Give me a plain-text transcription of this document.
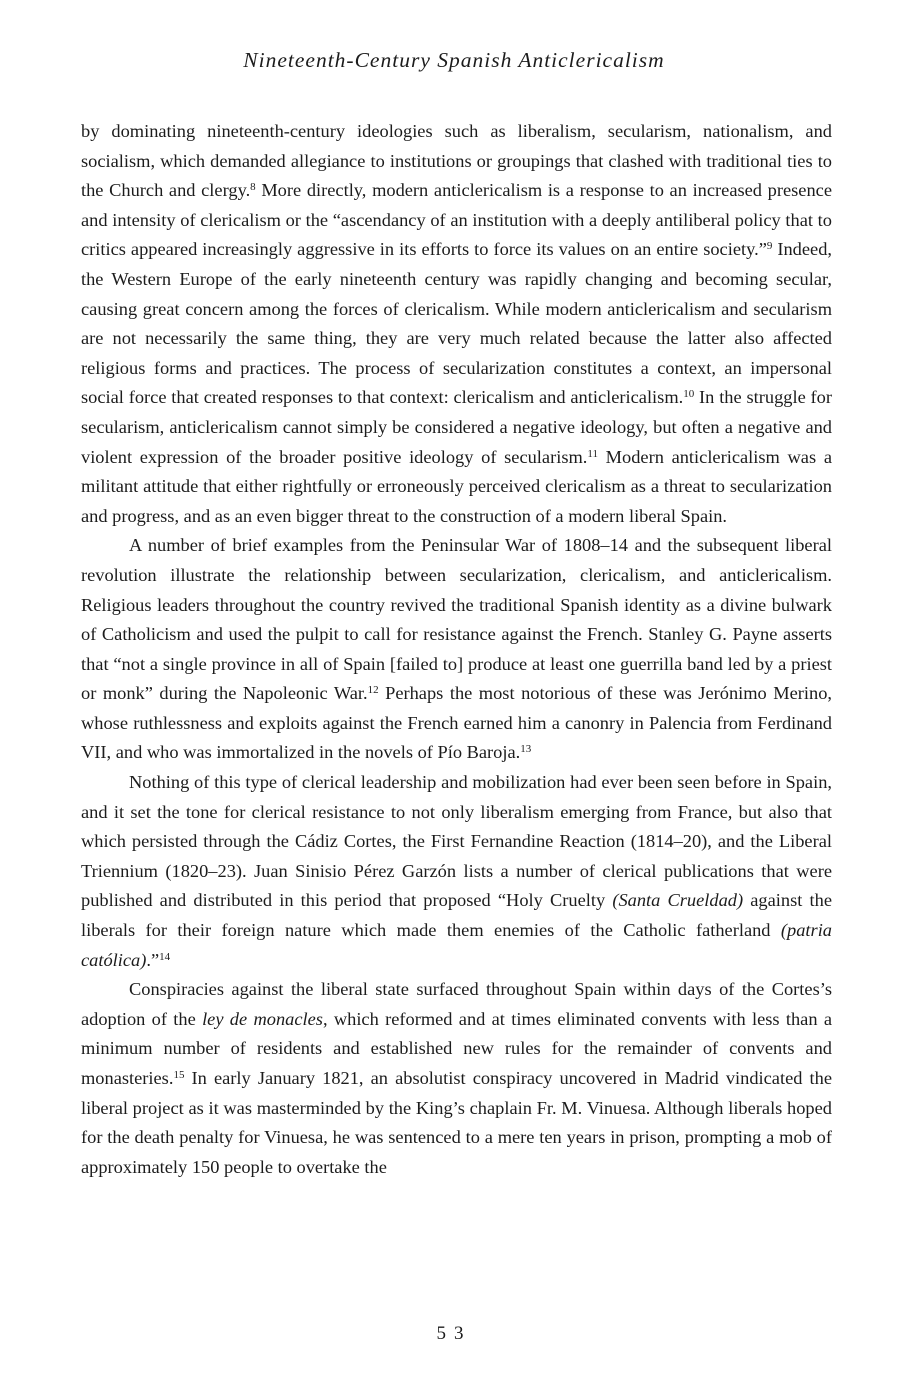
Nineteenth-Century Spanish Anticlericalism

by dominating nineteenth-century ideologies such as liberalism, secularism, nationalism, and socialism, which demanded allegiance to institutions or groupings that clashed with traditional ties to the Church and clergy.$^8$ More directly, modern anticlericalism is a response to an increased presence and intensity of clericalism or the “ascendancy of an institution with a deeply antiliberal policy that to critics appeared increasingly aggressive in its efforts to force its values on an entire society.”$^9$ Indeed, the Western Europe of the early nineteenth century was rapidly changing and becoming secular, causing great concern among the forces of clericalism. While modern anticlericalism and secularism are not necessarily the same thing, they are very much related because the latter also affected religious forms and practices. The process of secularization constitutes a context, an impersonal social force that created responses to that context: clericalism and anticlericalism.$^{10}$ In the struggle for secularism, anticlericalism cannot simply be considered a negative ideology, but often a negative and violent expression of the broader positive ideology of secularism.$^{11}$ Modern anticlericalism was a militant attitude that either rightfully or erroneously perceived clericalism as a threat to secularization and progress, and as an even bigger threat to the construction of a modern liberal Spain.

A number of brief examples from the Peninsular War of 1808–14 and the subsequent liberal revolution illustrate the relationship between secularization, clericalism, and anticlericalism. Religious leaders throughout the country revived the traditional Spanish identity as a divine bulwark of Catholicism and used the pulpit to call for resistance against the French. Stanley G. Payne asserts that “not a single province in all of Spain [failed to] produce at least one guerrilla band led by a priest or monk” during the Napoleonic War.$^{12}$ Perhaps the most notorious of these was Jerónimo Merino, whose ruthlessness and exploits against the French earned him a canonry in Palencia from Ferdinand VII, and who was immortalized in the novels of Pío Baroja.$^{13}$

Nothing of this type of clerical leadership and mobilization had ever been seen before in Spain, and it set the tone for clerical resistance to not only liberalism emerging from France, but also that which persisted through the Cádiz Cortes, the First Fernandine Reaction (1814–20), and the Liberal Triennium (1820–23). Juan Sinisio Pérez Garzón lists a number of clerical publications that were published and distributed in this period that proposed “Holy Cruelty (Santa Crueldad) against the liberals for their foreign nature which made them enemies of the Catholic fatherland (patria católica).”$^{14}$

Conspiracies against the liberal state surfaced throughout Spain within days of the Cortes’s adoption of the ley de monacles, which reformed and at times eliminated convents with less than a minimum number of residents and established new rules for the remainder of convents and monasteries.$^{15}$ In early January 1821, an absolutist conspiracy uncovered in Madrid vindicated the liberal project as it was masterminded by the King’s chaplain Fr. M. Vinuesa. Although liberals hoped for the death penalty for Vinuesa, he was sentenced to a mere ten years in prison, prompting a mob of approximately 150 people to overtake the

53
